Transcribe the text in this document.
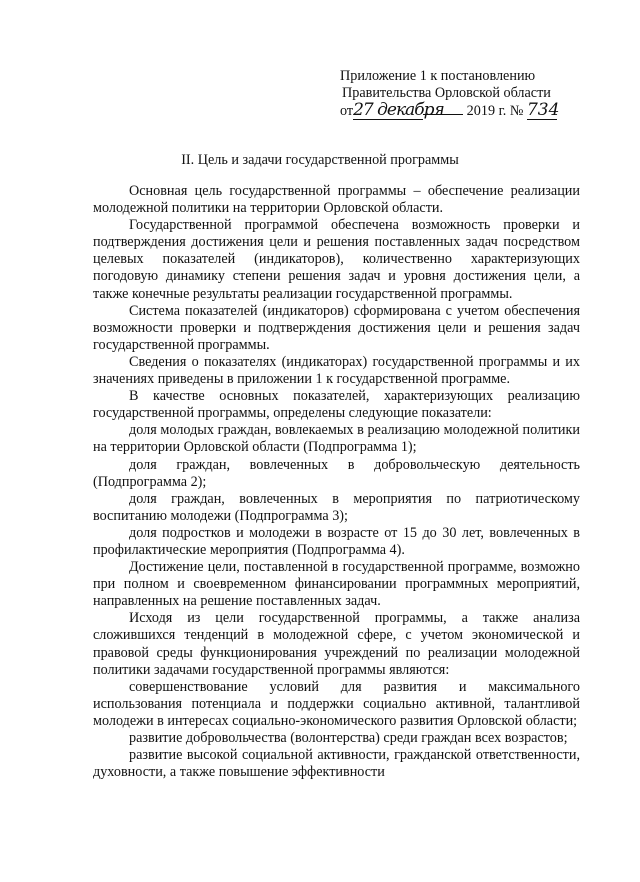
Приложение 1 к постановлению
Правительства Орловской области
от27 декабря 2019 г. № 734
II. Цель и задачи государственной программы

Основная цель государственной программы – обеспечение реализации молодежной политики на территории Орловской области.

Государственной программой обеспечена возможность проверки и подтверждения достижения цели и решения поставленных задач посредством целевых показателей (индикаторов), количественно характеризующих погодовую динамику степени решения задач и уровня достижения цели, а также конечные результаты реализации государственной программы.

Система показателей (индикаторов) сформирована с учетом обеспечения возможности проверки и подтверждения достижения цели и решения задач государственной программы.

Сведения о показателях (индикаторах) государственной программы и их значениях приведены в приложении 1 к государственной программе.

В качестве основных показателей, характеризующих реализацию государственной программы, определены следующие показатели:

доля молодых граждан, вовлекаемых в реализацию молодежной политики на территории Орловской области (Подпрограмма 1);

доля граждан, вовлеченных в добровольческую деятельность (Подпрограмма 2);

доля граждан, вовлеченных в мероприятия по патриотическому воспитанию молодежи (Подпрограмма 3);

доля подростков и молодежи в возрасте от 15 до 30 лет, вовлеченных в профилактические мероприятия (Подпрограмма 4).

Достижение цели, поставленной в государственной программе, возможно при полном и своевременном финансировании программных мероприятий, направленных на решение поставленных задач.

Исходя из цели государственной программы, а также анализа сложившихся тенденций в молодежной сфере, с учетом экономической и правовой среды функционирования учреждений по реализации молодежной политики задачами государственной программы являются:

совершенствование условий для развития и максимального использования потенциала и поддержки социально активной, талантливой молодежи в интересах социально-экономического развития Орловской области;

развитие добровольчества (волонтерства) среди граждан всех возрастов;

развитие высокой социальной активности, гражданской ответственности, духовности, а также повышение эффективности
